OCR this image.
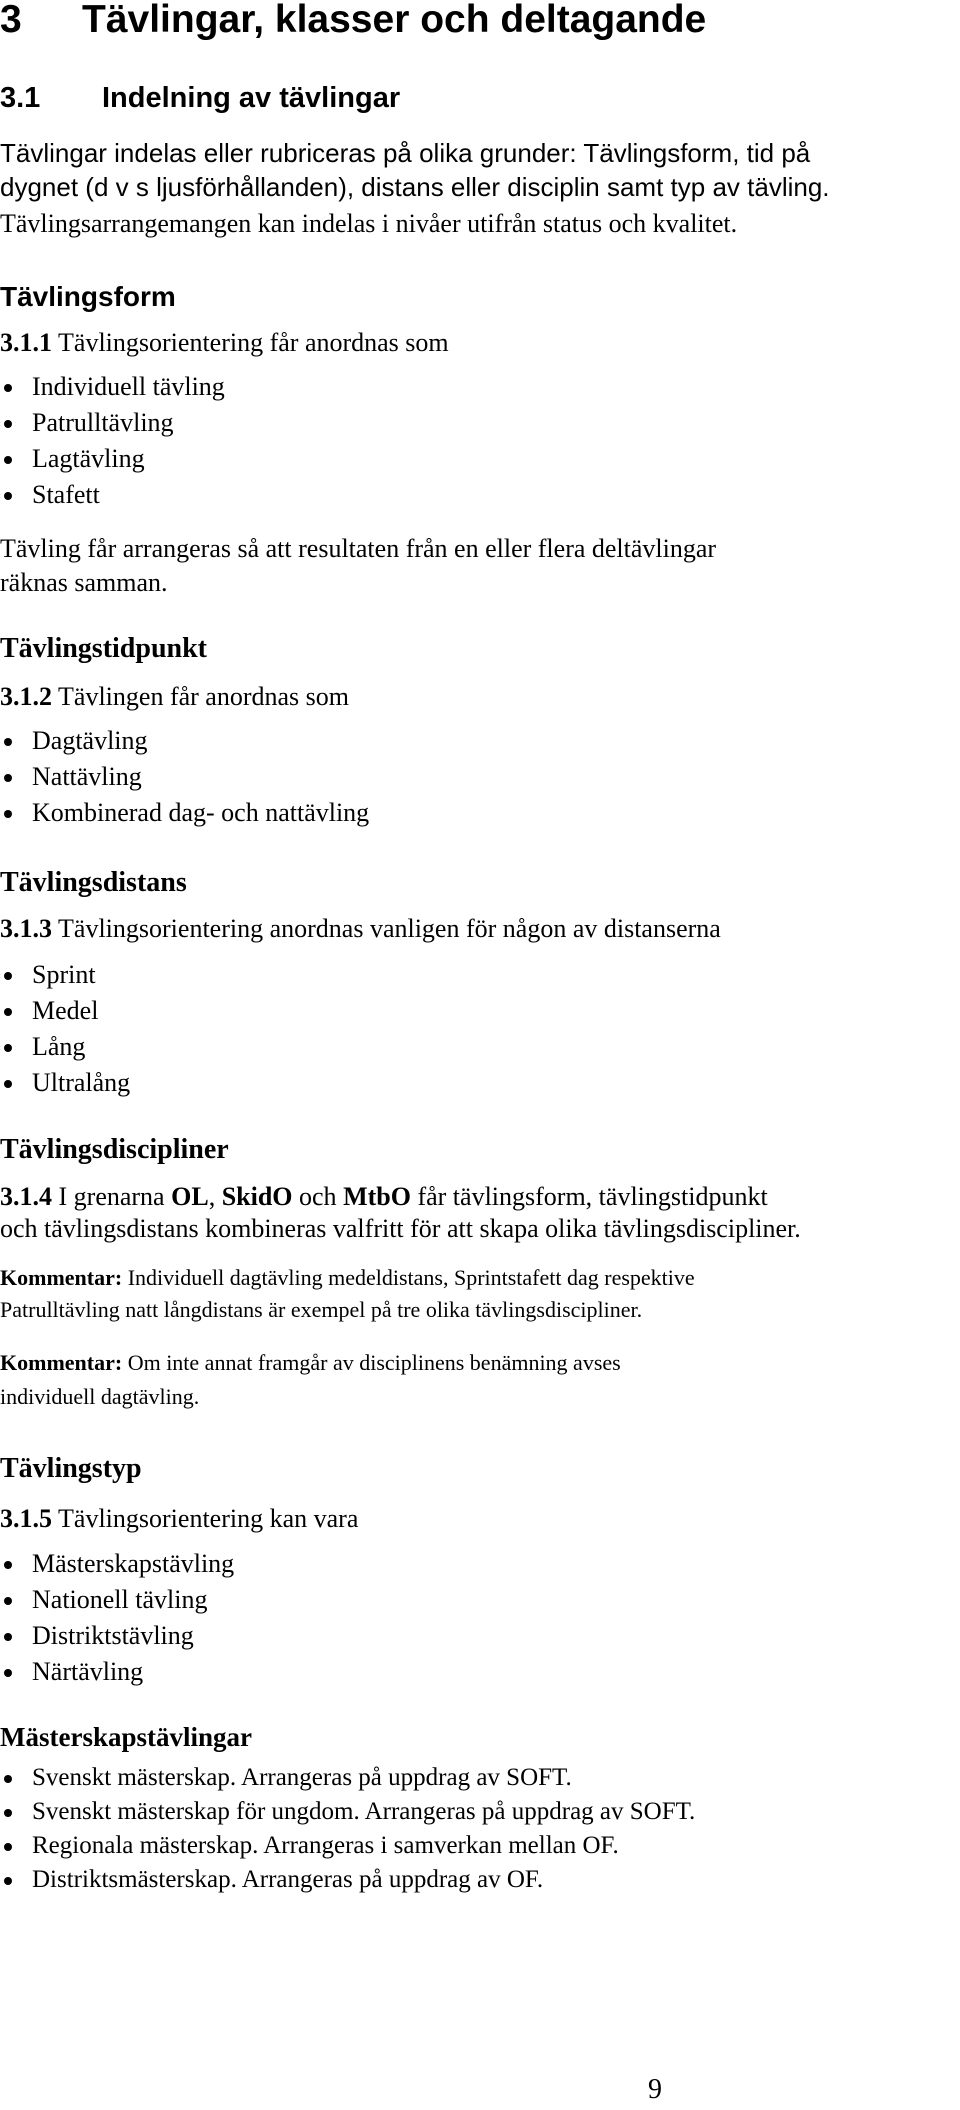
3 Tävlingar, klasser och deltagande
3.1 Indelning av tävlingar
Tävlingar indelas eller rubriceras på olika grunder: Tävlingsform, tid på
dygnet (d v s ljusförhållanden), distans eller disciplin samt typ av tävling.
Tävlingsarrangemangen kan indelas i nivåer utifrån status och kvalitet.
Tävlingsform
3.1.1 Tävlingsorientering får anordnas som
Individuell tävling
Patrulltävling
Lagtävling
Stafett
Tävling får arrangeras så att resultaten från en eller flera deltävlingar
räknas samman.
Tävlingstidpunkt
3.1.2 Tävlingen får anordnas som
Dagtävling
Nattävling
Kombinerad dag- och nattävling
Tävlingsdistans
3.1.3 Tävlingsorientering anordnas vanligen för någon av distanserna
Sprint
Medel
Lång
Ultralång
Tävlingsdiscipliner
3.1.4 I grenarna OL, SkidO och MtbO får tävlingsform, tävlingstidpunkt
och tävlingsdistans kombineras valfritt för att skapa olika tävlingsdiscipliner.
Kommentar: Individuell dagtävling medeldistans, Sprintstafett dag respektive
Patrulltävling natt långdistans är exempel på tre olika tävlingsdiscipliner.
Kommentar: Om inte annat framgår av disciplinens benämning avses
individuell dagtävling.
Tävlingstyp
3.1.5 Tävlingsorientering kan vara
Mästerskapstävling
Nationell tävling
Distriktstävling
Närtävling
Mästerskapstävlingar
Svenskt mästerskap. Arrangeras på uppdrag av SOFT.
Svenskt mästerskap för ungdom. Arrangeras på uppdrag av SOFT.
Regionala mästerskap. Arrangeras i samverkan mellan OF.
Distriktsmästerskap. Arrangeras på uppdrag av OF.
9
